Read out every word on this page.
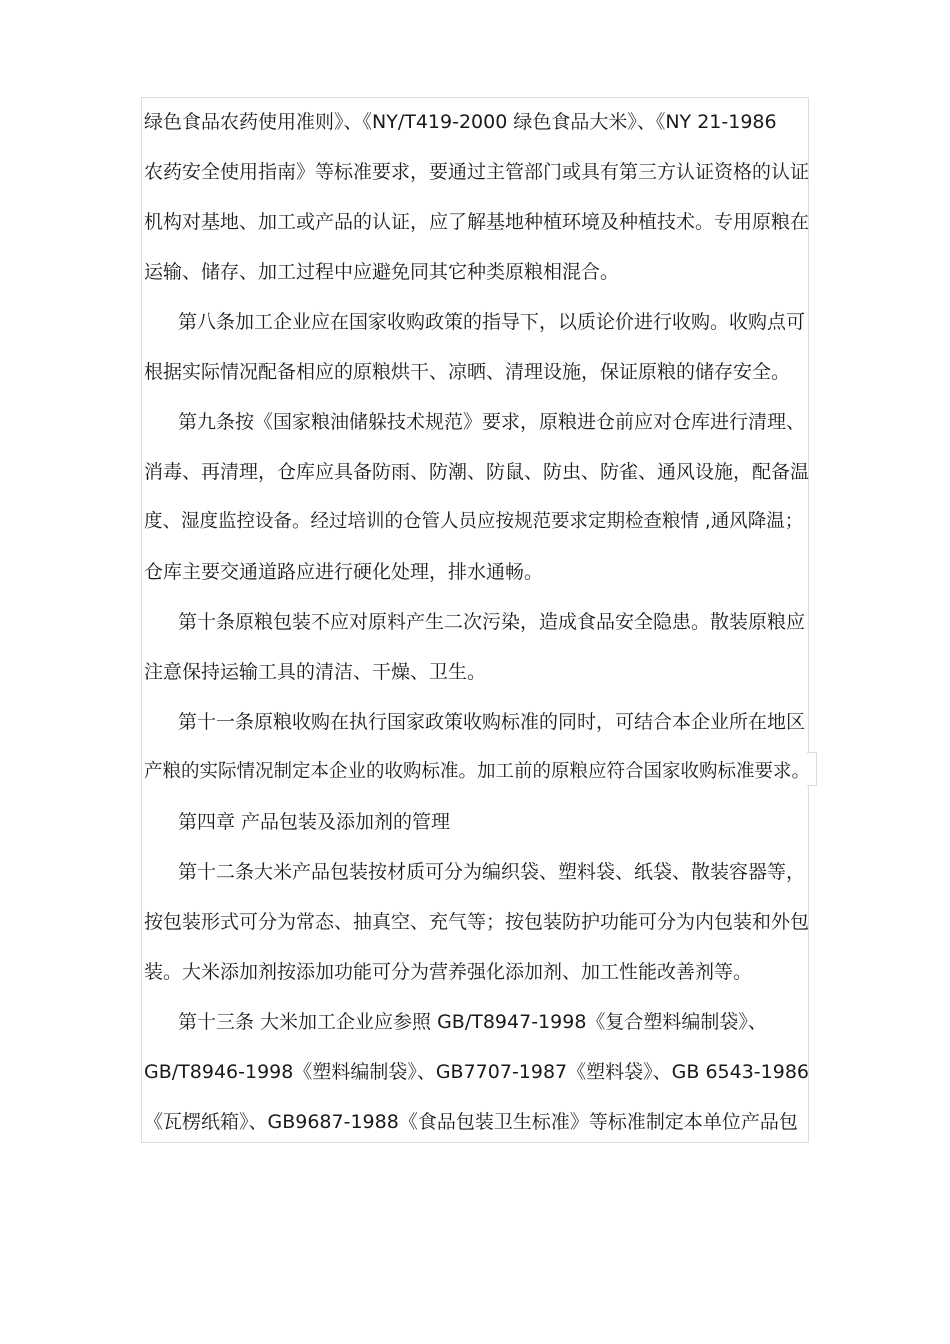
绿色食品农药使用准则》、《NY/T419-2000 绿色食品大米》、《NY 21-1986
农药安全使用指南》等标准要求，要通过主管部门或具有第三方认证资格的认证
机构对基地、加工或产品的认证，应了解基地种植环境及种植技术。专用原粮在
运输、储存、加工过程中应避免同其它种类原粮相混合。
第八条加工企业应在国家收购政策的指导下，以质论价进行收购。收购点可
根据实际情况配备相应的原粮烘干、凉晒、清理设施，保证原粮的储存安全。
第九条按《国家粮油储躲技术规范》要求，原粮进仓前应对仓库进行清理、
消毒、再清理，仓库应具备防雨、防潮、防鼠、防虫、防雀、通风设施，配备温
度、湿度监控设备。经过培训的仓管人员应按规范要求定期检查粮情 ,通风降温；
仓库主要交通道路应进行硬化处理，排水通畅。
第十条原粮包装不应对原料产生二次污染，造成食品安全隐患。散装原粮应
注意保持运输工具的清洁、干燥、卫生。
第十一条原粮收购在执行国家政策收购标准的同时，可结合本企业所在地区
产粮的实际情况制定本企业的收购标准。加工前的原粮应符合国家收购标准要求。
第四章 产品包装及添加剂的管理
第十二条大米产品包装按材质可分为编织袋、塑料袋、纸袋、散装容器等，
按包装形式可分为常态、抽真空、充气等；按包装防护功能可分为内包装和外包
装。大米添加剂按添加功能可分为营养强化添加剂、加工性能改善剂等。
第十三条 大米加工企业应参照 GB/T8947-1998《复合塑料编制袋》、
GB/T8946-1998《塑料编制袋》、GB7707-1987《塑料袋》、GB 6543-1986
《瓦楞纸箱》、GB9687-1988《食品包装卫生标准》等标准制定本单位产品包
